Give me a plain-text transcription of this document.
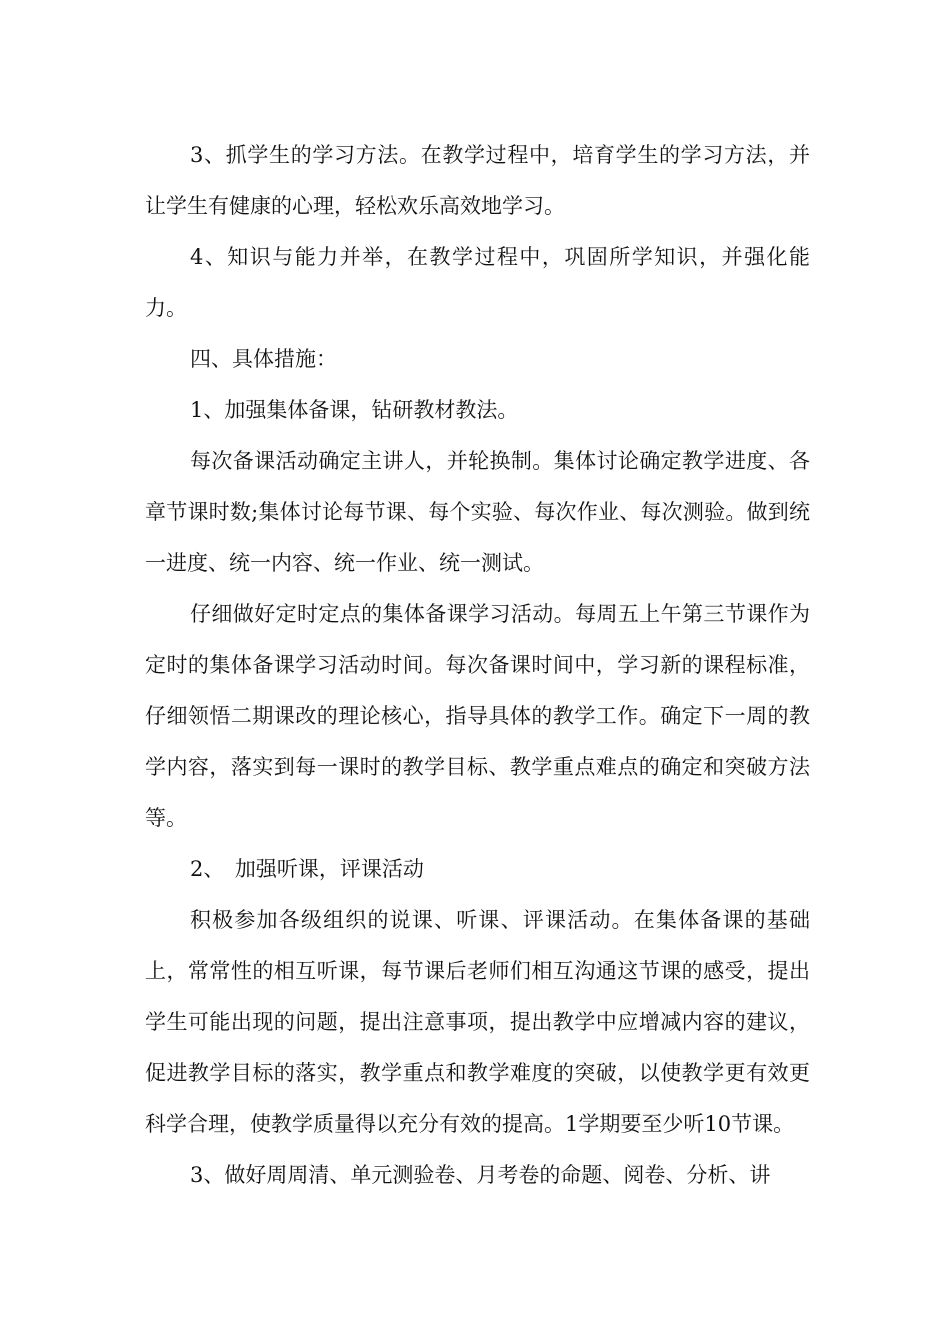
3、抓学生的学习方法。在教学过程中，培育学生的学习方法，并让学生有健康的心理，轻松欢乐高效地学习。

4、知识与能力并举，在教学过程中，巩固所学知识，并强化能力。

四、具体措施：

1、加强集体备课，钻研教材教法。

每次备课活动确定主讲人，并轮换制。集体讨论确定教学进度、各章节课时数;集体讨论每节课、每个实验、每次作业、每次测验。做到统一进度、统一内容、统一作业、统一测试。

仔细做好定时定点的集体备课学习活动。每周五上午第三节课作为定时的集体备课学习活动时间。每次备课时间中，学习新的课程标准，仔细领悟二期课改的理论核心，指导具体的教学工作。确定下一周的教学内容，落实到每一课时的教学目标、教学重点难点的确定和突破方法等。

2、　加强听课，评课活动

积极参加各级组织的说课、听课、评课活动。在集体备课的基础上，常常性的相互听课，每节课后老师们相互沟通这节课的感受，提出学生可能出现的问题，提出注意事项，提出教学中应增减内容的建议，促进教学目标的落实，教学重点和教学难度的突破，以使教学更有效更科学合理，使教学质量得以充分有效的提高。1学期要至少听10节课。

3、做好周周清、单元测验卷、月考卷的命题、阅卷、分析、讲
